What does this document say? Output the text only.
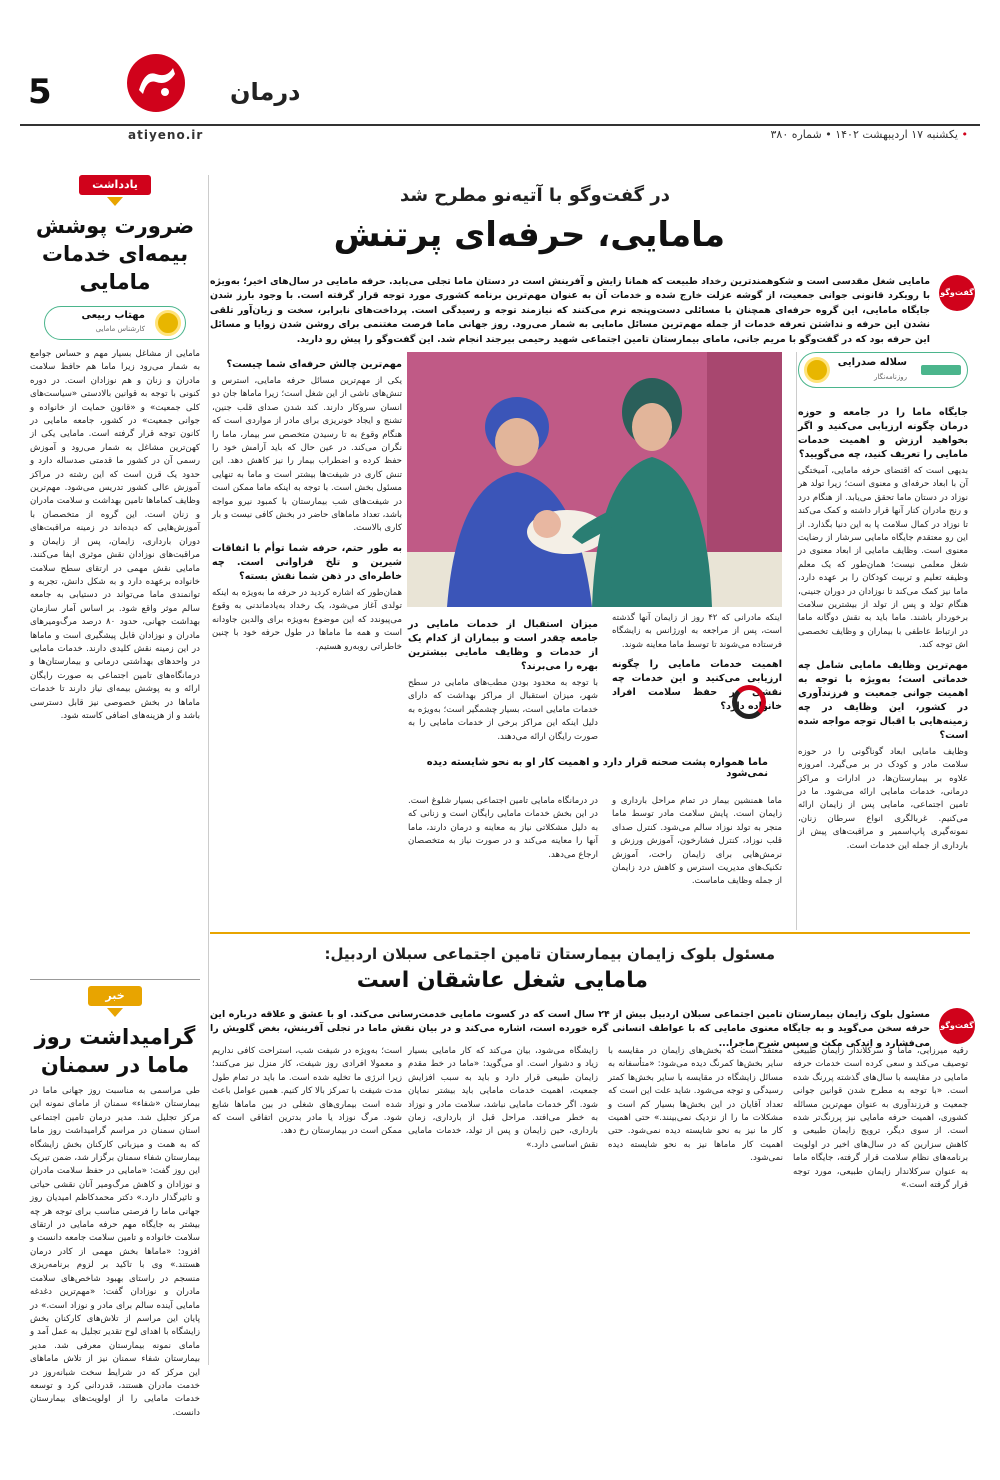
5	درمان
atiyeno.ir	• یکشنبه ۱۷ اردیبهشت ۱۴۰۲ • شماره ۳۸۰
یادداشت
ضرورت پوشش بیمه‌ای خدمات مامایی
مهتاب ربیعی
کارشناس مامایی
مامایی از مشاغل بسیار مهم و حساس جوامع به شمار می‌رود زیرا ماما هم حافظ سلامت مادران و زنان و هم نوزادان است. در دوره کنونی با توجه به قوانین بالادستی «سیاست‌های کلی جمعیت» و «قانون حمایت از خانواده و جوانی جمعیت» در کشور، جامعه مامایی در کانون توجه قرار گرفته است. مامایی یکی از کهن‌ترین مشاغل به شمار می‌رود و آموزش رسمی آن در کشور ما قدمتی صدساله دارد و حدود یک قرن است که این رشته در مراکز آموزش عالی کشور تدریس می‌شود. مهم‌ترین وظایف کماماها تامین بهداشت و سلامت مادران و زنان است. این گروه از متخصصان با آموزش‌هایی که دیده‌اند در زمینه مراقبت‌های دوران بارداری، زایمان، پس از زایمان و مراقبت‌های نوزادان نقش موثری ایفا می‌کنند. مامایی نقش مهمی در ارتقای سطح سلامت خانواده برعهده دارد و به شکل دانش، تجربه و توانمندی ماما می‌تواند در دستیابی به جامعه سالم موثر واقع شود. بر اساس آمار سازمان بهداشت جهانی، حدود ۸۰ درصد مرگ‌ومیرهای مادران و نوزادان قابل پیشگیری است و ماماها در این زمینه نقش کلیدی دارند. خدمات مامایی در واحدهای بهداشتی درمانی و بیمارستان‌ها و درمانگاه‌های تامین اجتماعی به صورت رایگان ارائه و به پوشش بیمه‌ای نیاز دارند تا خدمات ماماها در بخش خصوصی نیز قابل دسترسی باشد و از هزینه‌های اضافی کاسته شود.
خبر
گرامیداشت روز ماما در سمنان
طی مراسمی به مناسبت روز جهانی ماما در بیمارستان «شفاء» سمنان از مامای نمونه این مرکز تجلیل شد. مدیر درمان تامین اجتماعی استان سمنان در مراسم گرامیداشت روز ماما که به همت و میزبانی کارکنان بخش زایشگاه بیمارستان شفاء سمنان برگزار شد، ضمن تبریک این روز گفت: «مامایی در حفظ سلامت مادران و نوزادان و کاهش مرگ‌ومیر آنان نقشی حیاتی و تاثیرگذار دارد.» دکتر محمدکاظم امیدیان روز جهانی ماما را فرصتی مناسب برای توجه هر چه بیشتر به جایگاه مهم حرفه مامایی در ارتقای سلامت خانواده و تامین سلامت جامعه دانست و افزود: «ماماها بخش مهمی از کادر درمان هستند.» وی با تاکید بر لزوم برنامه‌ریزی منسجم در راستای بهبود شاخص‌های سلامت مادران و نوزادان گفت: «مهم‌ترین دغدغه مامایی آینده سالم برای مادر و نوزاد است.» در پایان این مراسم از تلاش‌های کارکنان بخش زایشگاه با اهدای لوح تقدیر تجلیل به عمل آمد و مامای نمونه بیمارستان معرفی شد. مدیر بیمارستان شفاء سمنان نیز از تلاش ماماهای این مرکز که در شرایط سخت شبانه‌روز در خدمت مادران هستند، قدردانی کرد و توسعه خدمات مامایی را از اولویت‌های بیمارستان دانست.
در گفت‌وگو با آتیه‌نو مطرح شد
مامایی، حرفه‌ای پرتنش
گفت‌وگو
مامایی شغل مقدسی است و شکوهمندترین رخداد طبیعت که همانا زایش و آفرینش است در دستان ماما تجلی می‌یابد. حرفه مامایی در سال‌های اخیر؛ به‌ویژه با رویکرد قانونی جوانی جمعیت، از گوشه عزلت خارج شده و خدمات آن به عنوان مهم‌ترین برنامه کشوری مورد توجه قرار گرفته است. با وجود بارز شدن جایگاه مامایی، این گروه حرفه‌ای همچنان با مسائلی دست‌وپنجه نرم می‌کنند که نیازمند توجه و رسیدگی است. پرداخت‌های نابرابر، سخت و زیان‌آور تلقی نشدن این حرفه و نداشتن تعرفه خدمات از جمله مهم‌ترین مسائل مامایی به شمار می‌رود. روز جهانی ماما فرصت مغتنمی برای روشن شدن زوایا و مسائل این حرفه بود که در گفت‌وگو با مریم جانی، مامای بیمارستان تامین اجتماعی شهید رحیمی بیرجند انجام شد. این گفت‌وگو را پیش رو دارید.
سلاله صدرایی
روزنامه‌نگار
جایگاه ماما را در جامعه و حوزه درمان چگونه ارزیابی می‌کنید و اگر بخواهید ارزش و اهمیت خدمات مامایی را تعریف کنید، چه می‌گویید؟
بدیهی است که اقتضای حرفه مامایی، آمیختگی آن با ابعاد حرفه‌ای و معنوی است؛ زیرا تولد هر نوزاد در دستان ماما تحقق می‌یابد. از هنگام درد و رنج مادران کنار آنها قرار داشته و کمک می‌کند تا نوزاد در کمال سلامت پا به این دنیا بگذارد. از این رو معتقدم جایگاه مامایی سرشار از رضایت معنوی است. وظایف مامایی از ابعاد معنوی در شغل معلمی نیست؛ همان‌طور که یک معلم وظیفه تعلیم و تربیت کودکان را بر عهده دارد، ماما نیز کمک می‌کند تا نوزادان در دوران جنینی، هنگام تولد و پس از تولد از بیشترین سلامت برخوردار باشند. ماما باید به نقش دوگانه ماما در ارتباط عاطفی با بیماران و وظایف تخصصی اش توجه کند.
مهم‌ترین وظایف مامایی شامل چه خدماتی است؛ به‌ویژه با توجه به اهمیت جوانی جمعیت و فرزندآوری در کشور، این وظایف در چه زمینه‌هایی با اقبال توجه مواجه شده است؟
وظایف مامایی ابعاد گوناگونی را در حوزه سلامت مادر و کودک در بر می‌گیرد. امروزه علاوه بر بیمارستان‌ها، در ادارات و مراکز درمانی، خدمات مامایی ارائه می‌شود. ما در تامین اجتماعی، مامایی پس از زایمان ارائه می‌کنیم. غربالگری انواع سرطان زنان، نمونه‌گیری پاپ‌اسمیر و مراقبت‌های پیش از بارداری از جمله این خدمات است.
اینکه مادرانی که ۴۲ روز از زایمان آنها گذشته است، پس از مراجعه به اورژانس به زایشگاه فرستاده می‌شوند تا توسط ماما معاینه شوند.
اهمیت خدمات مامایی را چگونه ارزیابی می‌کنید و این خدمات چه نقشی در حفظ سلامت افراد خانواده دارد؟
میزان استقبال از خدمات مامایی در جامعه چقدر است و بیماران از کدام یک از خدمات و وظایف مامایی بیشترین بهره را می‌برند؟
با توجه به محدود بودن مطب‌های مامایی در سطح شهر، میزان استقبال از مراکز بهداشت که دارای خدمات مامایی است، بسیار چشمگیر است؛ به‌ویژه به دلیل اینکه این مراکز برخی از خدمات مامایی را به صورت رایگان ارائه می‌دهند.
ماما همواره پشت صحنه قرار دارد و اهمیت کار او به نحو شایسته دیده نمی‌شود
مهم‌ترین چالش حرفه‌ای شما چیست؟
یکی از مهم‌ترین مسائل حرفه مامایی، استرس و تنش‌های ناشی از این شغل است؛ زیرا ماماها جان دو انسان سروکار دارند. کند شدن صدای قلب جنین، تشنج و ایجاد خونریزی برای مادر از مواردی است که هنگام وقوع به تا رسیدن متخصص سر بیمار، ماما را نگران می‌کند. در عین حال که باید آرامش خود را حفظ کرده و اضطراب بیمار را نیز کاهش دهد. این تنش کاری در شیفت‌ها بیشتر است و ماما به تنهایی مسئول بخش است. با توجه به اینکه ماما ممکن است در شیفت‌های شب بیمارستان با کمبود نیرو مواجه باشد، تعداد ماماهای حاضر در بخش کافی نیست و بار کاری بالاست.
به طور حتم، حرفه شما توأم با اتفاقات شیرین و تلخ فراوانی است. چه خاطره‌ای در ذهن شما نقش بسته؟
همان‌طور که اشاره کردید در حرفه ما به‌ویژه به اینکه تولدی آغاز می‌شود، یک رخداد به‌یادماندنی به وقوع می‌پیوندد که این موضوع به‌ویژه برای والدین جاودانه است و همه ما ماماها در طول حرفه خود با چنین خاطراتی روبه‌رو هستیم.
ماما همنشین بیمار در تمام مراحل بارداری و زایمان است. پایش سلامت مادر توسط ماما منجر به تولد نوزاد سالم می‌شود. کنترل صدای قلب نوزاد، کنترل فشارخون، آموزش ورزش و نرمش‌هایی برای زایمان راحت، آموزش تکنیک‌های مدیریت استرس و کاهش درد زایمان از جمله وظایف ماماست.
در درمانگاه مامایی تامین اجتماعی بسیار شلوغ است. در این بخش خدمات مامایی رایگان است و زنانی که به دلیل مشکلاتی نیاز به معاینه و درمان دارند، ماما آنها را معاینه می‌کند و در صورت نیاز به متخصصان ارجاع می‌دهد.
مسئول بلوک زایمان بیمارستان تامین اجتماعی سبلان اردبیل:
مامایی شغل عاشقان است
گفت‌وگو
مسئول بلوک زایمان بیمارستان تامین اجتماعی سبلان اردبیل بیش از ۲۴ سال است که در کسوت مامایی خدمت‌رسانی می‌کند. او با عشق و علاقه درباره این حرفه سخن می‌گوید و به جایگاه معنوی مامایی که با عواطف انسانی گره خورده است، اشاره می‌کند و در بیان نقش ماما در تجلی آفرینش، بغض گلویش را می‌فشارد و اندکی مکث و سپس شرح ماجرا...
رقیه میرزایی، ماما و سرکلاندار زایمان طبیعی توصیف می‌کند و سعی کرده است خدمات حرفه مامایی در مقایسه با سال‌های گذشته پررنگ شده است. «با توجه به مطرح شدن قوانین جوانی جمعیت و فرزندآوری به عنوان مهم‌ترین مسائله کشوری، اهمیت حرفه مامایی نیز پررنگ‌تر شده است. از سوی دیگر، ترویج زایمان طبیعی و کاهش سزارین که در سال‌های اخیر در اولویت برنامه‌های نظام سلامت قرار گرفته، جایگاه ماما به عنوان سرکلاندار زایمان طبیعی، مورد توجه قرار گرفته است.»
معتقد است که بخش‌های زایمان در مقایسه با سایر بخش‌ها کمرنگ دیده می‌شود: «متأسفانه به مسائل زایشگاه در مقایسه با سایر بخش‌ها کمتر رسیدگی و توجه می‌شود. شاید علت این است که تعداد آقایان در این بخش‌ها بسیار کم است و مشکلات ما را از نزدیک نمی‌بینند.» حتی اهمیت کار ما نیز به نحو شایسته دیده نمی‌شود. حتی اهمیت کار ماماها نیز به نحو شایسته دیده نمی‌شود.
زایشگاه می‌شود، بیان می‌کند که کار مامایی بسیار زیاد و دشوار است. او می‌گوید: «ماما در خط مقدم زایمان طبیعی قرار دارد و باید به سبب افزایش جمعیت، اهمیت خدمات مامایی باید بیشتر نمایان شود. اگر خدمات مامایی نباشد، سلامت مادر و نوزاد به خطر می‌افتد. مراحل قبل از بارداری، زمان بارداری، حین زایمان و پس از تولد، خدمات مامایی نقش اساسی دارد.»
است؛ به‌ویژه در شیفت شب، استراحت کافی نداریم و معمولا افرادی روز شیفت، کار منزل نیز می‌کنند؛ زیرا انرژی ما تخلیه شده است. ما باید در تمام طول مدت شیفت با تمرکز بالا کار کنیم. همین عوامل باعث شده است بیماری‌های شغلی در بین ماماها شایع شود. مرگ نوزاد یا مادر بدترین اتفاقی است که ممکن است در بیمارستان رخ دهد.
